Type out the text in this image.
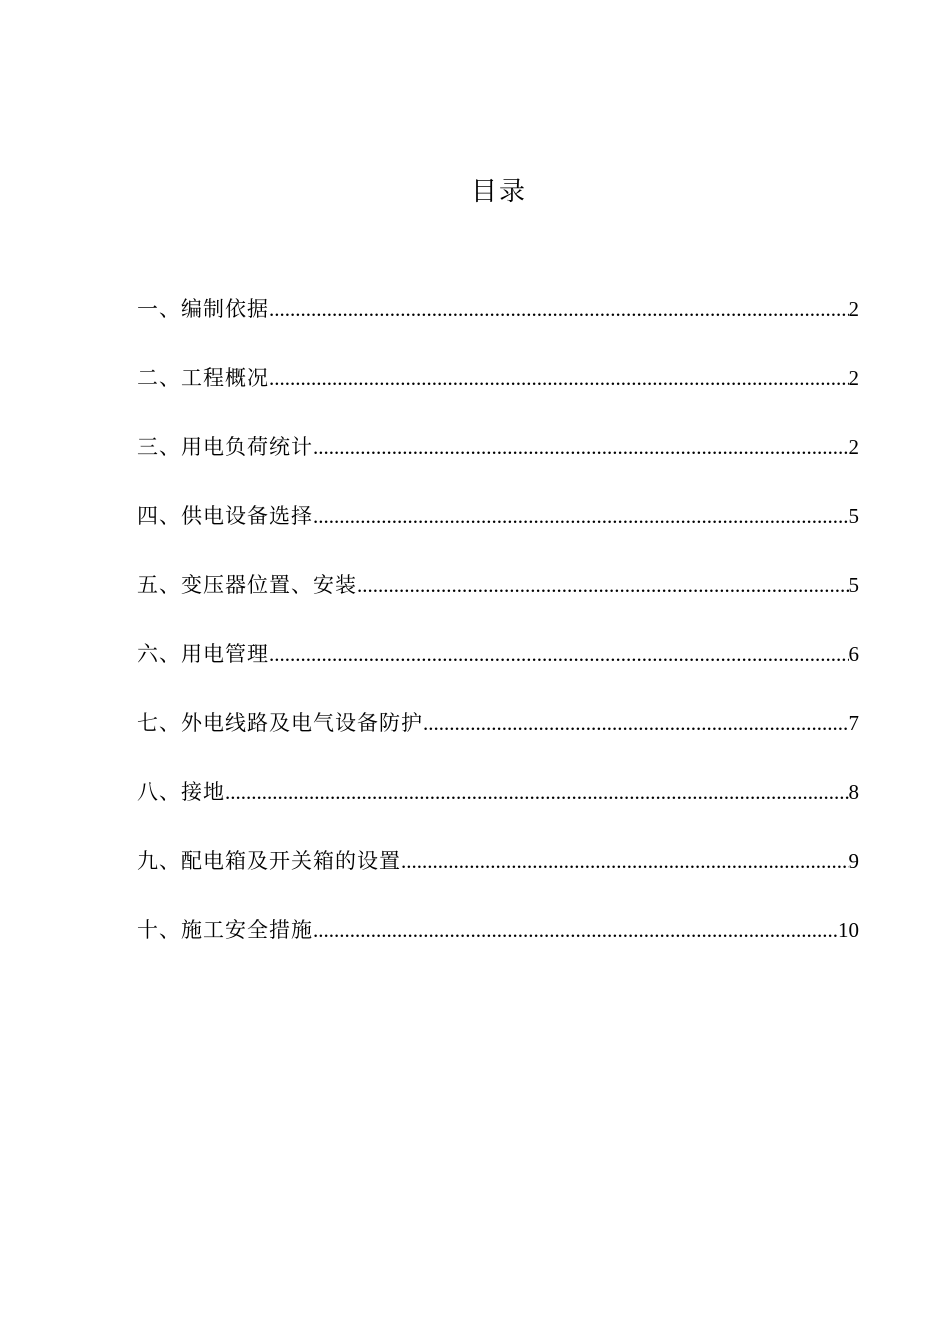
目录
一、编制依据 .....	2
二、工程概况 .....	2
三、用电负荷统计 .....	2
四、供电设备选择 .....	5
五、变压器位置、安装 .....	5
六、用电管理 .....	6
七、外电线路及电气设备防护 .....	7
八、接地 .....	8
九、配电箱及开关箱的设置 .....	9
十、施工安全措施 .....	10
